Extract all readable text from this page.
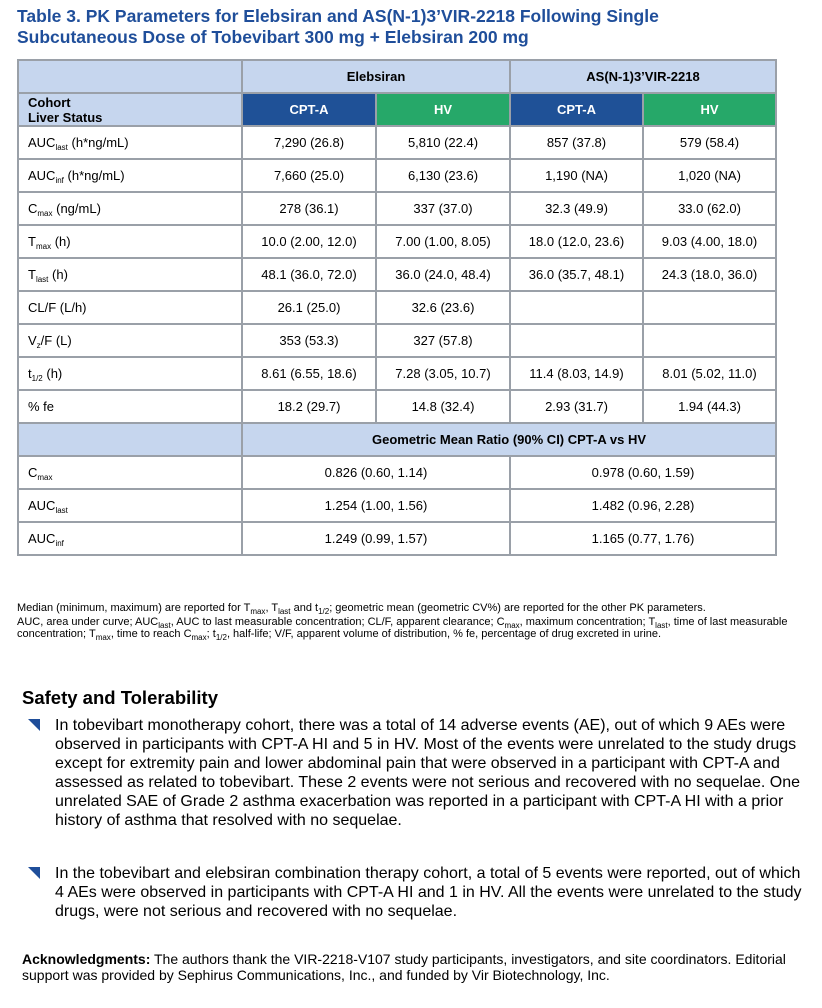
Table 3. PK Parameters for Elebsiran and AS(N-1)3’VIR-2218 Following Single
Subcutaneous Dose of Tobevibart 300 mg + Elebsiran 200 mg
	Elebsiran		AS(N-1)3’VIR-2218	
Cohort
Liver Status	CPT-A	HV	CPT-A	HV
$AUC_{last}$ (h*ng/mL)	7,290 (26.8)	5,810 (22.4)	857 (37.8)	579 (58.4)
$AUC_{inf}$ (h*ng/mL)	7,660 (25.0)	6,130 (23.6)	1,190 (NA)	1,020 (NA)
$C_{max}$ (ng/mL)	278 (36.1)	337 (37.0)	32.3 (49.9)	33.0 (62.0)
$T_{max}$ (h)	10.0 (2.00, 12.0)	7.00 (1.00, 8.05)	18.0 (12.0, 23.6)	9.03 (4.00, 18.0)
$T_{last}$ (h)	48.1 (36.0, 72.0)	36.0 (24.0, 48.4)	36.0 (35.7, 48.1)	24.3 (18.0, 36.0)
CL/F (L/h)	26.1 (25.0)	32.6 (23.6)		
$V_z/F$ (L)	353 (53.3)	327 (57.8)		
$t_{1/2}$ (h)	8.61 (6.55, 18.6)	7.28 (3.05, 10.7)	11.4 (8.03, 14.9)	8.01 (5.02, 11.0)
% fe	18.2 (29.7)	14.8 (32.4)	2.93 (31.7)	1.94 (44.3)
	Geometric Mean Ratio (90% CI) CPT-A vs HV			
$C_{max}$	0.826 (0.60, 1.14)		0.978 (0.60, 1.59)	
$AUC_{last}$	1.254 (1.00, 1.56)		1.482 (0.96, 2.28)	
$AUC_{inf}$	1.249 (0.99, 1.57)		1.165 (0.77, 1.76)	

Median (minimum, maximum) are reported for $T_{max}$, $T_{last}$ and $t_{1/2}$; geometric mean (geometric CV%) are reported for the other PK parameters.

AUC, area under curve; $AUC_{last}$, AUC to last measurable concentration; CL/F, apparent clearance; $C_{max}$, maximum concentration; $T_{last}$, time of last measurable concentration; $T_{max}$, time to reach $C_{max}$; $t_{1/2}$, half-life; V/F, apparent volume of distribution, % fe, percentage of drug excreted in urine.

Safety and Tolerability
In tobevibart monotherapy cohort, there was a total of 14 adverse events (AE), out of which 9 AEs were observed in participants with CPT-A HI and 5 in HV. Most of the events were unrelated to the study drugs except for extremity pain and lower abdominal pain that were observed in a participant with CPT-A and assessed as related to tobevibart. These 2 events were not serious and recovered with no sequelae. One unrelated SAE of Grade 2 asthma exacerbation was reported in a participant with CPT-A HI with a prior history of asthma that resolved with no sequelae.
In the tobevibart and elebsiran combination therapy cohort, a total of 5 events were reported, out of which 4 AEs were observed in participants with CPT-A HI and 1 in HV. All the events were unrelated to the study drugs, were not serious and recovered with no sequelae.
Acknowledgments: The authors thank the VIR-2218-V107 study participants, investigators, and site coordinators. Editorial support was provided by Sephirus Communications, Inc., and funded by Vir Biotechnology, Inc.
